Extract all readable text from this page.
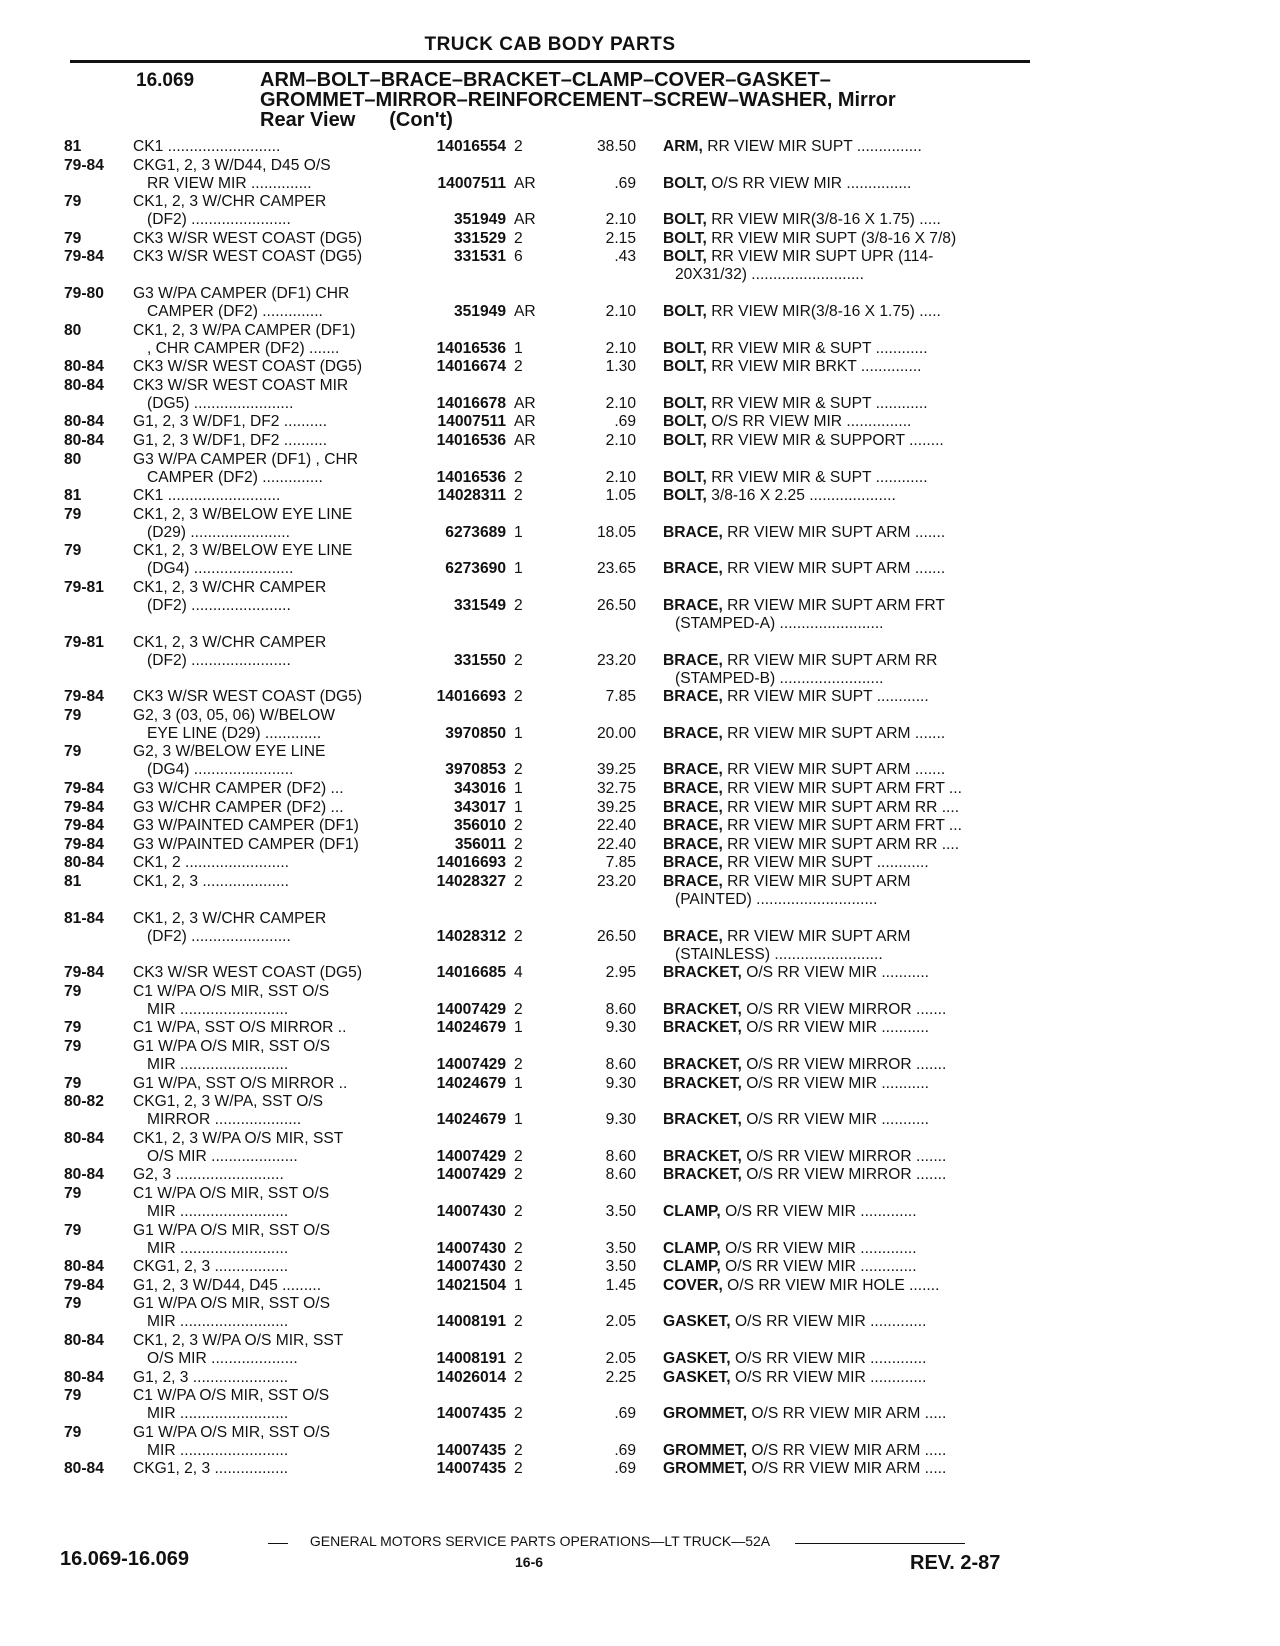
TRUCK CAB BODY PARTS
16.069	ARM–BOLT–BRACE–BRACKET–CLAMP–COVER–GASKET–
GROMMET–MIRROR–REINFORCEMENT–SCREW–WASHER, Mirror
Rear View (Con't)
81	CK1 ..........................	14016554 2	38.50 ARM, RR VIEW MIR SUPT ...............
79-84 CKG1, 2, 3 W/D44, D45 O/S
RR VIEW MIR ..............	14007511 AR	.69 BOLT, O/S RR VIEW MIR ...............
79	CK1, 2, 3 W/CHR CAMPER
(DF2) .......................	351949 AR	2.10 BOLT, RR VIEW MIR(3/8-16 X 1.75) .....
79	CK3 W/SR WEST COAST (DG5)	331529 2	2.15 BOLT, RR VIEW MIR SUPT (3/8-16 X 7/8)
79-84 CK3 W/SR WEST COAST (DG5)	331531 6	.43 BOLT, RR VIEW MIR SUPT UPR (114-
20X31/32) ..........................
79-80 G3 W/PA CAMPER (DF1) CHR
CAMPER (DF2) ..............	351949 AR	2.10 BOLT, RR VIEW MIR(3/8-16 X 1.75) .....
80	CK1, 2, 3 W/PA CAMPER (DF1)
, CHR CAMPER (DF2) .......	14016536 1	2.10 BOLT, RR VIEW MIR & SUPT ............
80-84 CK3 W/SR WEST COAST (DG5)	14016674 2	1.30 BOLT, RR VIEW MIR BRKT ..............
80-84 CK3 W/SR WEST COAST MIR
(DG5) .......................	14016678 AR	2.10 BOLT, RR VIEW MIR & SUPT ............
80-84 G1, 2, 3 W/DF1, DF2 ..........	14007511 AR	.69 BOLT, O/S RR VIEW MIR ...............
80-84 G1, 2, 3 W/DF1, DF2 ..........	14016536 AR	2.10 BOLT, RR VIEW MIR & SUPPORT ........
80	G3 W/PA CAMPER (DF1) , CHR
CAMPER (DF2) ..............	14016536 2	2.10 BOLT, RR VIEW MIR & SUPT ............
81	CK1 ..........................	14028311 2	1.05 BOLT, 3/8-16 X 2.25 ....................
79	CK1, 2, 3 W/BELOW EYE LINE
(D29) .......................	6273689 1	18.05 BRACE, RR VIEW MIR SUPT ARM .......
79	CK1, 2, 3 W/BELOW EYE LINE
(DG4) .......................	6273690 1	23.65 BRACE, RR VIEW MIR SUPT ARM .......
79-81 CK1, 2, 3 W/CHR CAMPER
(DF2) .......................	331549 2	26.50 BRACE, RR VIEW MIR SUPT ARM FRT
(STAMPED-A) ........................
79-81 CK1, 2, 3 W/CHR CAMPER
(DF2) .......................	331550 2	23.20 BRACE, RR VIEW MIR SUPT ARM RR
(STAMPED-B) ........................
79-84 CK3 W/SR WEST COAST (DG5)	14016693 2	7.85 BRACE, RR VIEW MIR SUPT ............
79	G2, 3 (03, 05, 06) W/BELOW
EYE LINE (D29) .............	3970850 1	20.00 BRACE, RR VIEW MIR SUPT ARM .......
79	G2, 3 W/BELOW EYE LINE
(DG4) .......................	3970853 2	39.25 BRACE, RR VIEW MIR SUPT ARM .......
79-84 G3 W/CHR CAMPER (DF2) ...	343016 1	32.75 BRACE, RR VIEW MIR SUPT ARM FRT ...
79-84 G3 W/CHR CAMPER (DF2) ...	343017 1	39.25 BRACE, RR VIEW MIR SUPT ARM RR ....
79-84 G3 W/PAINTED CAMPER (DF1)	356010 2	22.40 BRACE, RR VIEW MIR SUPT ARM FRT ...
79-84 G3 W/PAINTED CAMPER (DF1)	356011 2	22.40 BRACE, RR VIEW MIR SUPT ARM RR ....
80-84 CK1, 2 ........................	14016693 2	7.85 BRACE, RR VIEW MIR SUPT ............
81	CK1, 2, 3 ....................	14028327 2	23.20 BRACE, RR VIEW MIR SUPT ARM
(PAINTED) ............................
81-84 CK1, 2, 3 W/CHR CAMPER
(DF2) .......................	14028312 2	26.50 BRACE, RR VIEW MIR SUPT ARM
(STAINLESS) .........................
79-84 CK3 W/SR WEST COAST (DG5)	14016685 4	2.95 BRACKET, O/S RR VIEW MIR ...........
79	C1 W/PA O/S MIR, SST O/S
MIR .........................	14007429 2	8.60 BRACKET, O/S RR VIEW MIRROR .......
79	C1 W/PA, SST O/S MIRROR ..	14024679 1	9.30 BRACKET, O/S RR VIEW MIR ...........
79	G1 W/PA O/S MIR, SST O/S
MIR .........................	14007429 2	8.60 BRACKET, O/S RR VIEW MIRROR .......
79	G1 W/PA, SST O/S MIRROR ..	14024679 1	9.30 BRACKET, O/S RR VIEW MIR ...........
80-82 CKG1, 2, 3 W/PA, SST O/S
MIRROR ....................	14024679 1	9.30 BRACKET, O/S RR VIEW MIR ...........
80-84 CK1, 2, 3 W/PA O/S MIR, SST
O/S MIR ....................	14007429 2	8.60 BRACKET, O/S RR VIEW MIRROR .......
80-84 G2, 3 .........................	14007429 2	8.60 BRACKET, O/S RR VIEW MIRROR .......
79	C1 W/PA O/S MIR, SST O/S
MIR .........................	14007430 2	3.50 CLAMP, O/S RR VIEW MIR .............
79	G1 W/PA O/S MIR, SST O/S
MIR .........................	14007430 2	3.50 CLAMP, O/S RR VIEW MIR .............
80-84 CKG1, 2, 3 .................	14007430 2	3.50 CLAMP, O/S RR VIEW MIR .............
79-84 G1, 2, 3 W/D44, D45 .........	14021504 1	1.45 COVER, O/S RR VIEW MIR HOLE .......
79	G1 W/PA O/S MIR, SST O/S
MIR .........................	14008191 2	2.05 GASKET, O/S RR VIEW MIR .............
80-84 CK1, 2, 3 W/PA O/S MIR, SST
O/S MIR ....................	14008191 2	2.05 GASKET, O/S RR VIEW MIR .............
80-84 G1, 2, 3 ......................	14026014 2	2.25 GASKET, O/S RR VIEW MIR .............
79	C1 W/PA O/S MIR, SST O/S
MIR .........................	14007435 2	.69 GROMMET, O/S RR VIEW MIR ARM .....
79	G1 W/PA O/S MIR, SST O/S
MIR .........................	14007435 2	.69 GROMMET, O/S RR VIEW MIR ARM .....
80-84 CKG1, 2, 3 .................	14007435 2	.69 GROMMET, O/S RR VIEW MIR ARM .....
GENERAL MOTORS SERVICE PARTS OPERATIONS—LT TRUCK—52A
16.069-16.069	16-6	REV. 2-87
